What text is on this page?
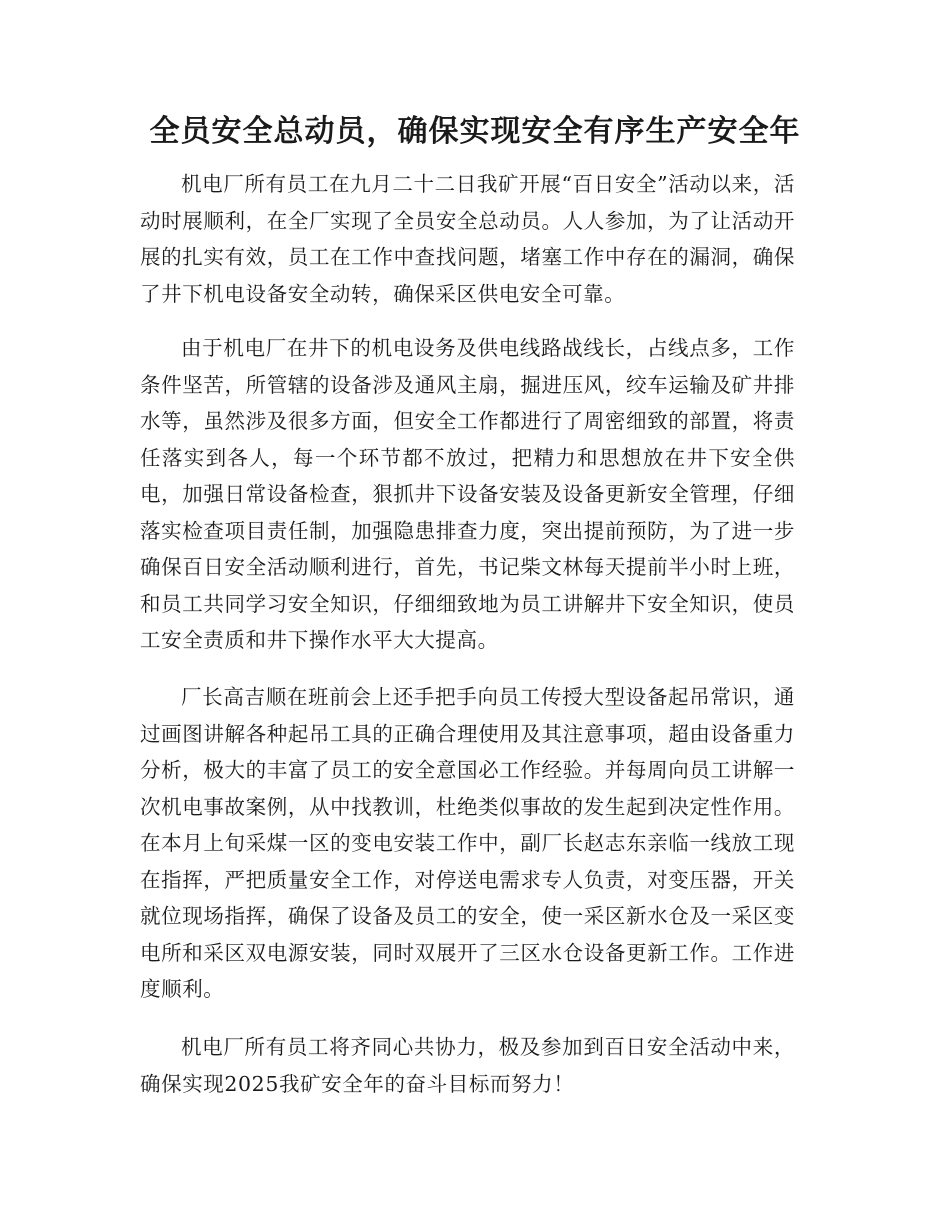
全员安全总动员，确保实现安全有序生产安全年

机电厂所有员工在九月二十二日我矿开展“百日安全”活动以来，活动时展顺利，在全厂实现了全员安全总动员。人人参加，为了让活动开展的扎实有效，员工在工作中查找问题，堵塞工作中存在的漏洞，确保了井下机电设备安全动转，确保采区供电安全可靠。

由于机电厂在井下的机电设务及供电线路战线长，占线点多，工作条件坚苦，所管辖的设备涉及通风主扇，掘进压风，绞车运输及矿井排水等，虽然涉及很多方面，但安全工作都进行了周密细致的部置，将责任落实到各人，每一个环节都不放过，把精力和思想放在井下安全供电，加强日常设备检查，狠抓井下设备安装及设备更新安全管理，仔细落实检查项目责任制，加强隐患排查力度，突出提前预防，为了进一步确保百日安全活动顺利进行，首先，书记柴文林每天提前半小时上班，和员工共同学习安全知识，仔细细致地为员工讲解井下安全知识，使员工安全责质和井下操作水平大大提高。

厂长高吉顺在班前会上还手把手向员工传授大型设备起吊常识，通过画图讲解各种起吊工具的正确合理使用及其注意事项，超由设备重力分析，极大的丰富了员工的安全意国必工作经验。并每周向员工讲解一次机电事故案例，从中找教训，杜绝类似事故的发生起到决定性作用。在本月上旬采煤一区的变电安装工作中，副厂长赵志东亲临一线放工现在指挥，严把质量安全工作，对停送电需求专人负责，对变压器，开关就位现场指挥，确保了设备及员工的安全，使一采区新水仓及一采区变电所和采区双电源安装，同时双展开了三区水仓设备更新工作。工作进度顺利。

机电厂所有员工将齐同心共协力，极及参加到百日安全活动中来，确保实现2025我矿安全年的奋斗目标而努力！
